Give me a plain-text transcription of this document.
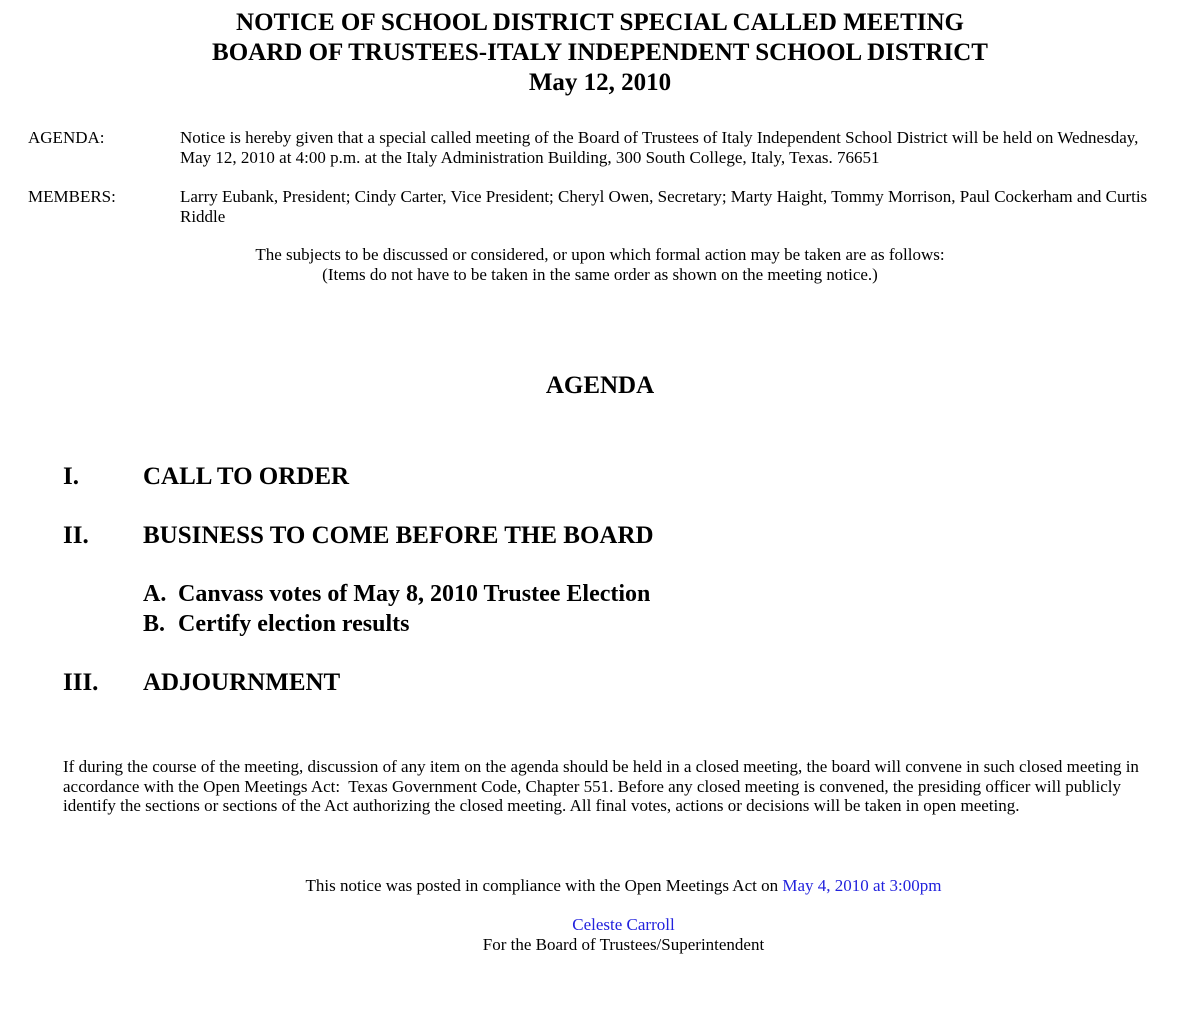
NOTICE OF SCHOOL DISTRICT SPECIAL CALLED MEETING
BOARD OF TRUSTEES-ITALY INDEPENDENT SCHOOL DISTRICT
May 12, 2010
AGENDA:	Notice is hereby given that a special called meeting of the Board of Trustees of Italy Independent School District will be held on Wednesday,
May 12, 2010 at 4:00 p.m. at the Italy Administration Building, 300 South College, Italy, Texas. 76651
MEMBERS:	Larry Eubank, President; Cindy Carter, Vice President; Cheryl Owen, Secretary; Marty Haight, Tommy Morrison, Paul Cockerham and Curtis
Riddle
The subjects to be discussed or considered, or upon which formal action may be taken are as follows:
(Items do not have to be taken in the same order as shown on the meeting notice.)
AGENDA
I.	CALL TO ORDER
II.	BUSINESS TO COME BEFORE THE BOARD
A. Canvass votes of May 8, 2010 Trustee Election
B. Certify election results
III.	ADJOURNMENT
If during the course of the meeting, discussion of any item on the agenda should be held in a closed meeting, the board will convene in such closed meeting in
accordance with the Open Meetings Act:  Texas Government Code, Chapter 551. Before any closed meeting is convened, the presiding officer will publicly
identify the sections or sections of the Act authorizing the closed meeting. All final votes, actions or decisions will be taken in open meeting.
This notice was posted in compliance with the Open Meetings Act on May 4, 2010 at 3:00pm
Celeste Carroll
For the Board of Trustees/Superintendent
